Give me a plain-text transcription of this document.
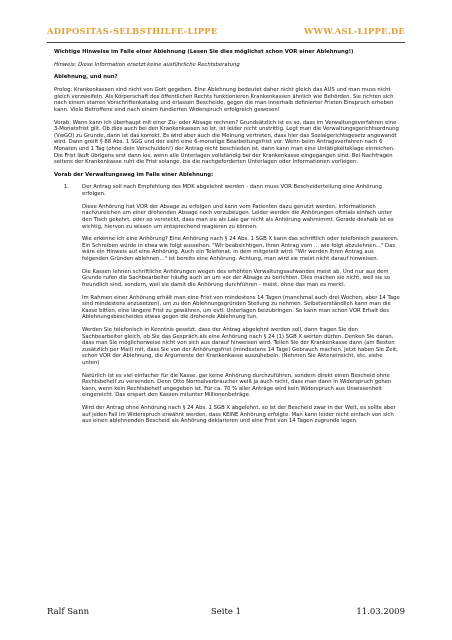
ADIPOSITAS-SELBSTHILFE-LIPPE	WWW.ASL-LIPPE.DE

Wichtige Hinweise im Falle einer Ablehnung (Lesen Sie dies möglichst schon VOR einer Ablehnung!)

Hinweis: Diese Information ersetzt keine ausführliche Rechtsberatung

Ablehnung, und nun?

Prolog: Krankenkassen sind nicht von Gott gegeben. Eine Ablehnung bedeutet daher nicht gleich das AUS und man muss nicht gleich verzweifeln. Als Körperschaft des öffentlichen Rechts funktionieren Krankenkassen ähnlich wie Behörden. Sie richten sich nach einem starren Vorschriftenkatalog und erlassen Bescheide, gegen die man innerhalb definierter Fristen Einspruch erheben kann. Viele Betroffene sind nach einem fundierten Widerspruch erfolgreich gewesen!

Vorab: Wann kann ich überhaupt mit einer Zu- oder Absage rechnen? Grundsätzlich ist es so, dass im Verwaltungsverfahren eine 3-Monatsfrist gilt. Ob dies auch bei den Krankenkassen so ist, ist leider nicht unstrittig. Legt man die Verwaltungsgerichtsordnung (VwGO) zu Grunde, dann ist das korrekt. Es wird aber auch die Meinung vertreten, dass hier das Sozialgerichtsgesetz angewandt wird. Dann greift § 88 Abs. 1 SGG und der sieht eine 6-monatige Bearbeitungsfrist vor. Wenn beim Antragsverfahren nach 6 Monaten und 1 Tag (ohne dein Verschulden!) der Antrag nicht beschieden ist, dann kann man eine Untätigkeitsklage einreichen. Die Frist läuft übrigens erst dann los, wenn alle Unterlagen vollständig bei der Krankenkasse eingegangen sind. Bei Nachfragen seitens der Krankenkasse ruht die Frist solange, bis die nachgeforderten Unterlagen oder Informationen vorliegen.

Vorab der Verwaltungsweg im Falle einer Ablehnung:

1. Der Antrag soll nach Empfehlung des MDK abgelehnt werden - dann muss VOR Bescheiderteilung eine Anhörung erfolgen.

Diese Anhörung hat VOR der Absage zu erfolgen und kann vom Patienten dazu genutzt werden, Informationen nachzureichen um einer drohenden Absage noch vorzubeugen. Leider werden die Anhörungen oftmals einfach unter den Tisch gekehrt, oder so versteckt, dass man sie als Laie gar nicht als Anhörung wahrnimmt. Gerade deshalb ist es wichtig, hiervon zu wissen um entsprechend reagieren zu können.

Wie erkenne ich eine Anhörung? Eine Anhörung nach § 24 Abs. 1 SGB X kann das schriftlich oder telefonisch passieren. Ein Schreiben würde in etwa wie folgt aussehen. "Wir beabsichtigen, Ihren Antrag vom ... wie folgt abzulehnen..." Das wäre ein Hinweis auf eine Anhörung. Auch ein Telefonat, in dem mitgeteilt wird: "Wir werden Ihren Antrag aus folgenden Gründen ablehnen..." ist bereits eine Anhörung. Achtung, man wird sie meist nicht darauf hinweisen.

Die Kassen lehnen schriftliche Anhörungen wegen des erhöhten Verwaltungsaufwandes meist ab. Und nur aus dem Grunde rufen die Sachbearbeiter häufig auch an um vor der Absage zu berichten. Dies machen sie nicht, weil sie so freundlich sind, sondern, weil sie damit die Anhörung durchführen - meist, ohne das man es merkt.

Im Rahmen einer Anhörung erhält man eine Frist von mindestens 14 Tagen (manchmal auch drei Wochen, aber 14 Tage sind mindestens anzusetzen), um zu den Ablehnungsgründen Stellung zu nehmen. Selbstverständlich kann man die Kasse bitten, eine längere Frist zu gewähren, um evtl. Unterlagen beizubringen. So kann man schon VOR Erhalt des Ablehnungsbescheides etwas gegen die drohende Ablehnung tun.

Werden Sie telefonisch in Kenntnis gesetzt, dass der Antrag abgelehnt werden soll, dann fragen Sie den Sachbearbeiter gleich, ob Sie das Gespräch als eine Anhörung nach § 24 (1) SGB X werten dürfen. Denken Sie daran, dass man Sie möglicherweise nicht von sich aus darauf hinweisen wird. Teilen Sie der Krankenkasse dann (am Besten zusätzlich per Mail) mit, dass Sie von der Anhörungsfrist (mindestens 14 Tage) Gebrauch machen. Jetzt haben Sie Zeit, schon VOR der Ablehnung, die Argumente der Krankenkasse auszuhebeln. (Nehmen Sie Akteneinsicht, etc. siehe unten)

Natürlich ist es viel einfacher für die Kasse, gar keine Anhörung durchzuführen, sondern direkt einen Bescheid ohne Rechtsbehelf zu versenden. Denn Otto Normalverbraucher weiß ja auch nicht, dass man dann in Widerspruch gehen kann, wenn kein Rechtsbehelf angegeben ist. Für ca. 70 % aller Anträge wird kein Widerspruch aus Unwissenheit eingereicht. Das erspart den Kassen mitunter Millionenbeträge.

Wird der Antrag ohne Anhörung nach § 24 Abs. 1 SGB X abgelehnt, so ist der Bescheid zwar in der Welt, es sollte aber auf jeden Fall im Widerspruch erwähnt werden, dass KEINE Anhörung erfolgte. Man kann leider nicht einfach von sich aus einen ablehnenden Bescheid als Anhörung deklarieren und eine Frist von 14 Tagen zugrunde legen.

Ralf Sann	Seite 1	11.03.2009
